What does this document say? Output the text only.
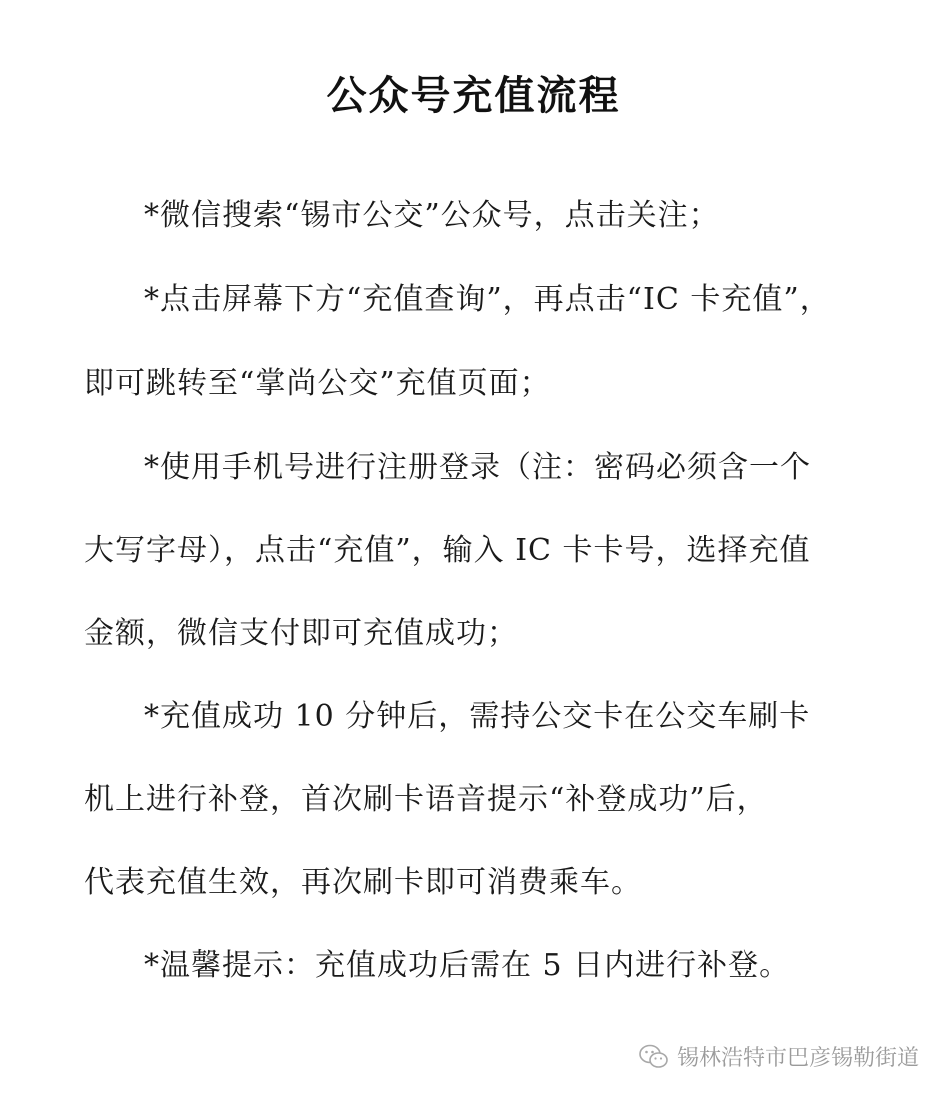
公众号充值流程
*微信搜索“锡市公交”公众号，点击关注；
*点击屏幕下方“充值查询”，再点击“IC 卡充值”，
即可跳转至“掌尚公交”充值页面；
*使用手机号进行注册登录（注：密码必须含一个
大写字母），点击“充值”，输入 IC 卡卡号，选择充值
金额，微信支付即可充值成功；
*充值成功 10 分钟后，需持公交卡在公交车刷卡
机上进行补登，首次刷卡语音提示“补登成功”后，
代表充值生效，再次刷卡即可消费乘车。
*温馨提示：充值成功后需在 5 日内进行补登。
锡林浩特市巴彦锡勒街道
